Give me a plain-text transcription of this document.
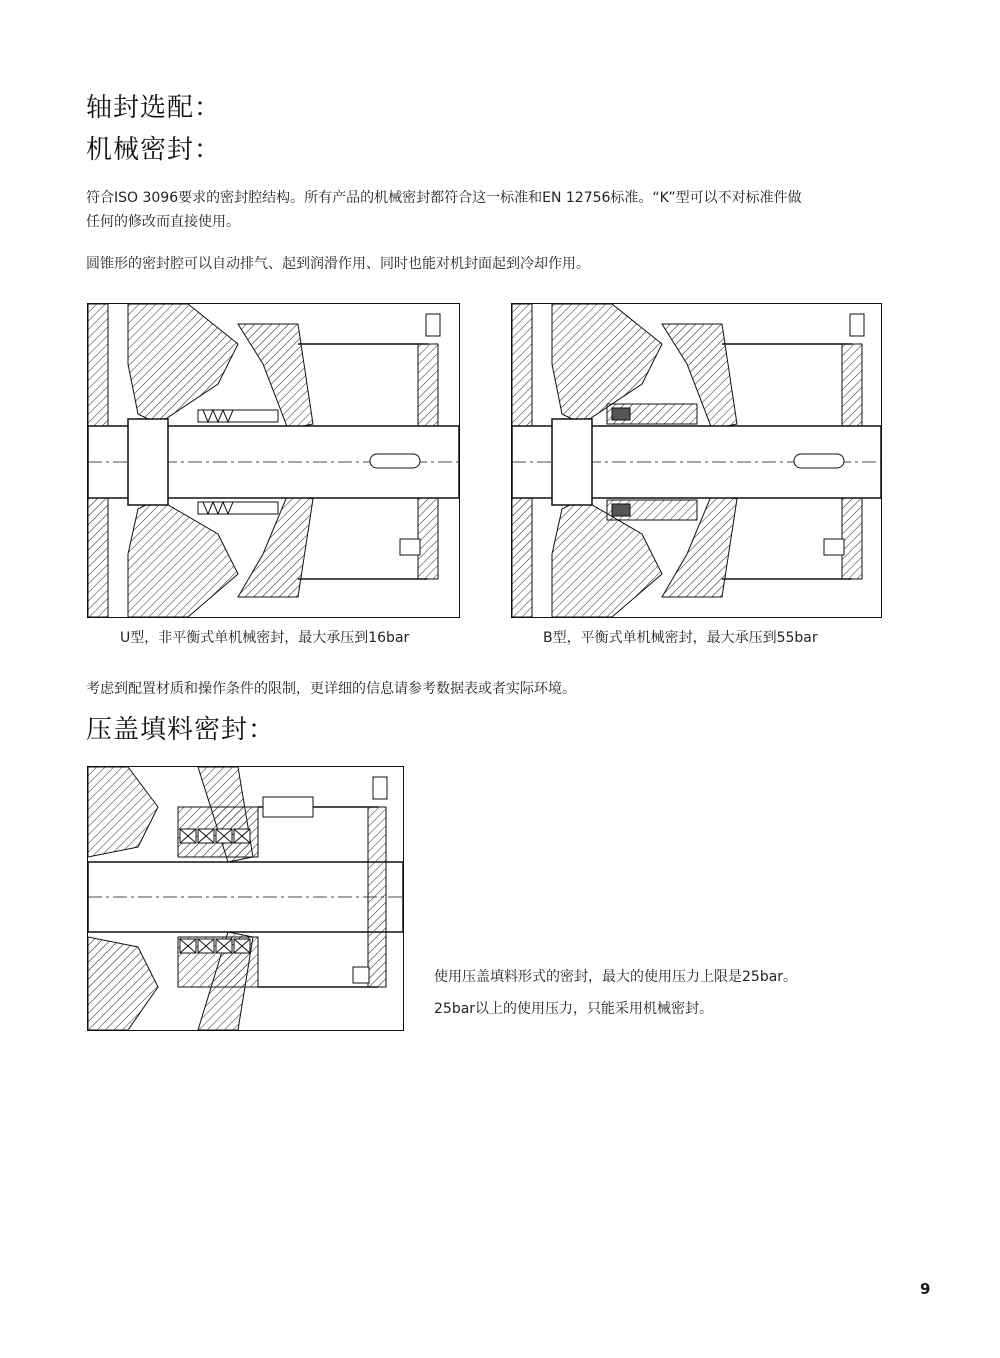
轴封选配：
机械密封：
符合ISO 3096要求的密封腔结构。所有产品的机械密封都符合这一标准和EN 12756标准。“K”型可以不对标准件做
任何的修改而直接使用。
圆锥形的密封腔可以自动排气、起到润滑作用、同时也能对机封面起到冷却作用。
U型，非平衡式单机械密封，最大承压到16bar	B型，平衡式单机械密封，最大承压到55bar
考虑到配置材质和操作条件的限制，更详细的信息请参考数据表或者实际环境。
压盖填料密封：
使用压盖填料形式的密封，最大的使用压力上限是25bar。
25bar以上的使用压力，只能采用机械密封。
9
